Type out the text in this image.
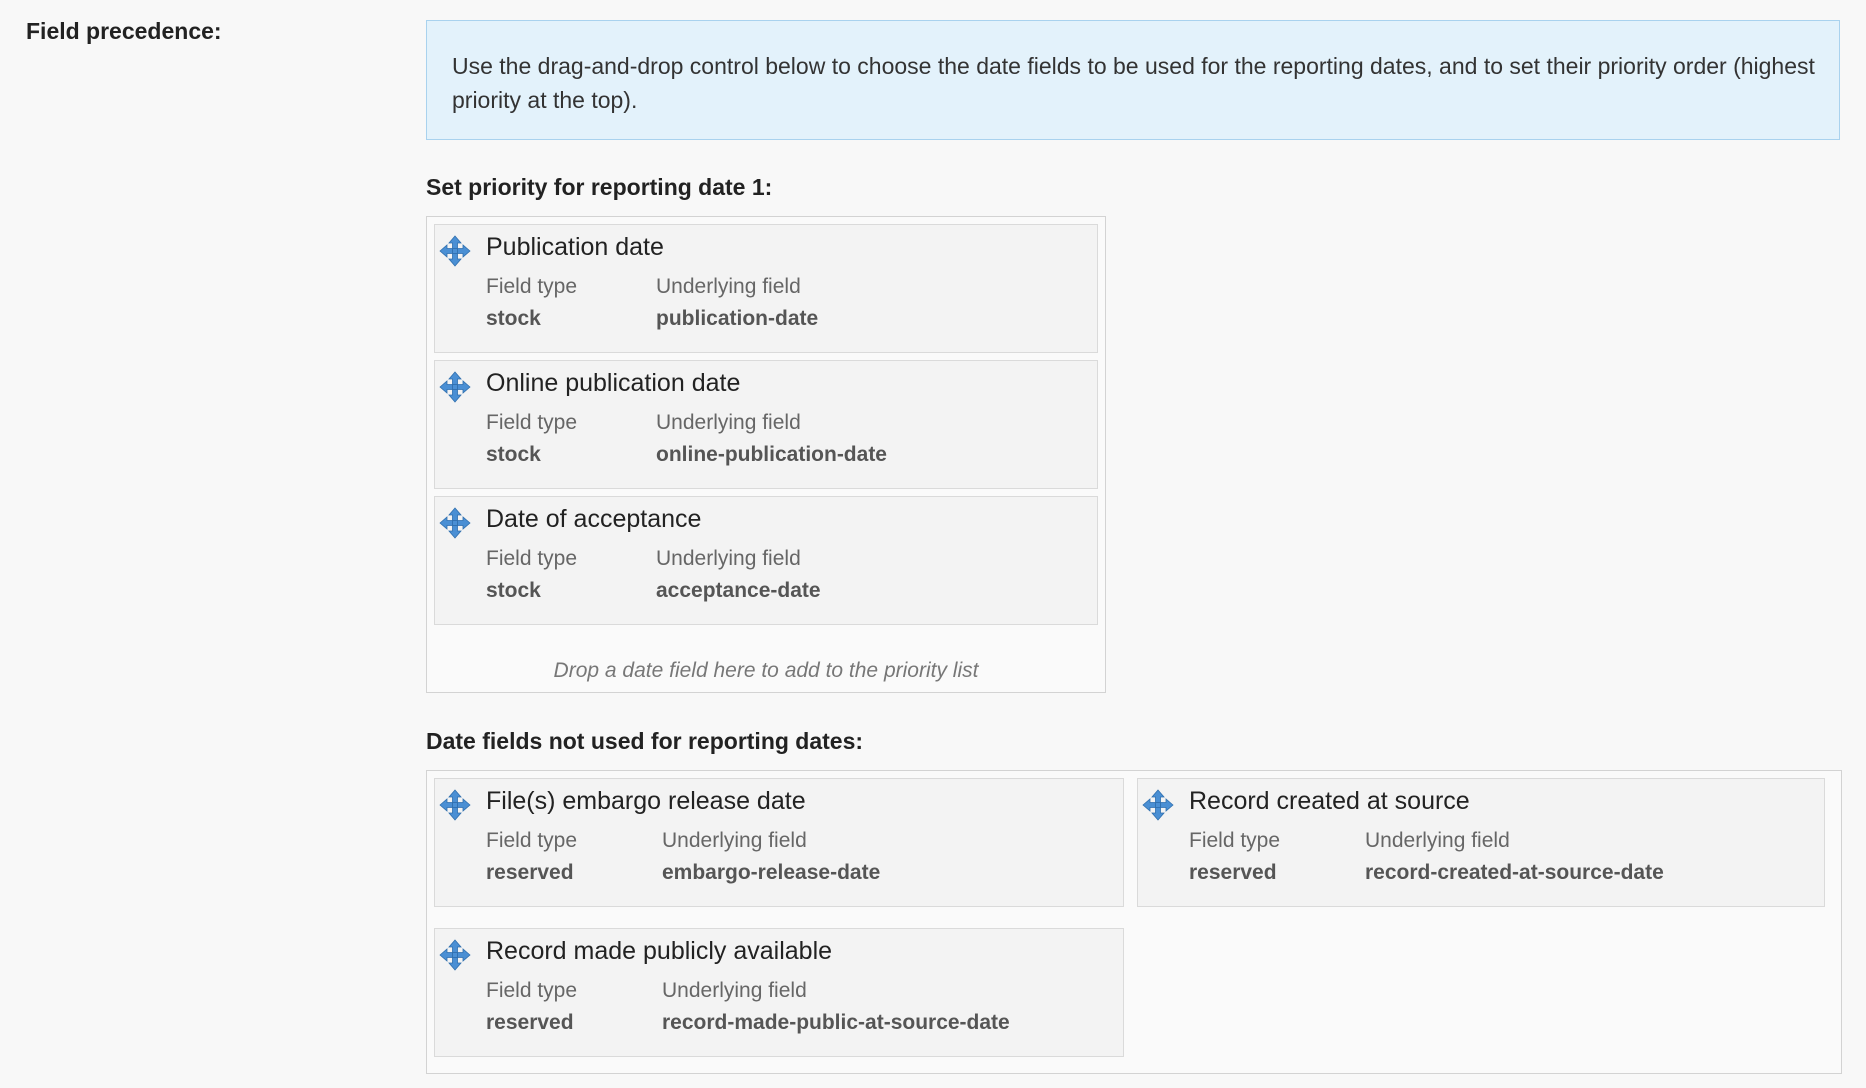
Field precedence:
Use the drag-and-drop control below to choose the date fields to be used for the reporting dates, and to set their priority order (highest priority at the top).
Set priority for reporting date 1:
Publication date
Field type	Underlying field
stock	publication-date
Online publication date
Field type	Underlying field
stock	online-publication-date
Date of acceptance
Field type	Underlying field
stock	acceptance-date
Drop a date field here to add to the priority list
Date fields not used for reporting dates:
File(s) embargo release date
Field type	Underlying field
reserved	embargo-release-date
Record created at source
Field type	Underlying field
reserved	record-created-at-source-date
Record made publicly available
Field type	Underlying field
reserved	record-made-public-at-source-date
